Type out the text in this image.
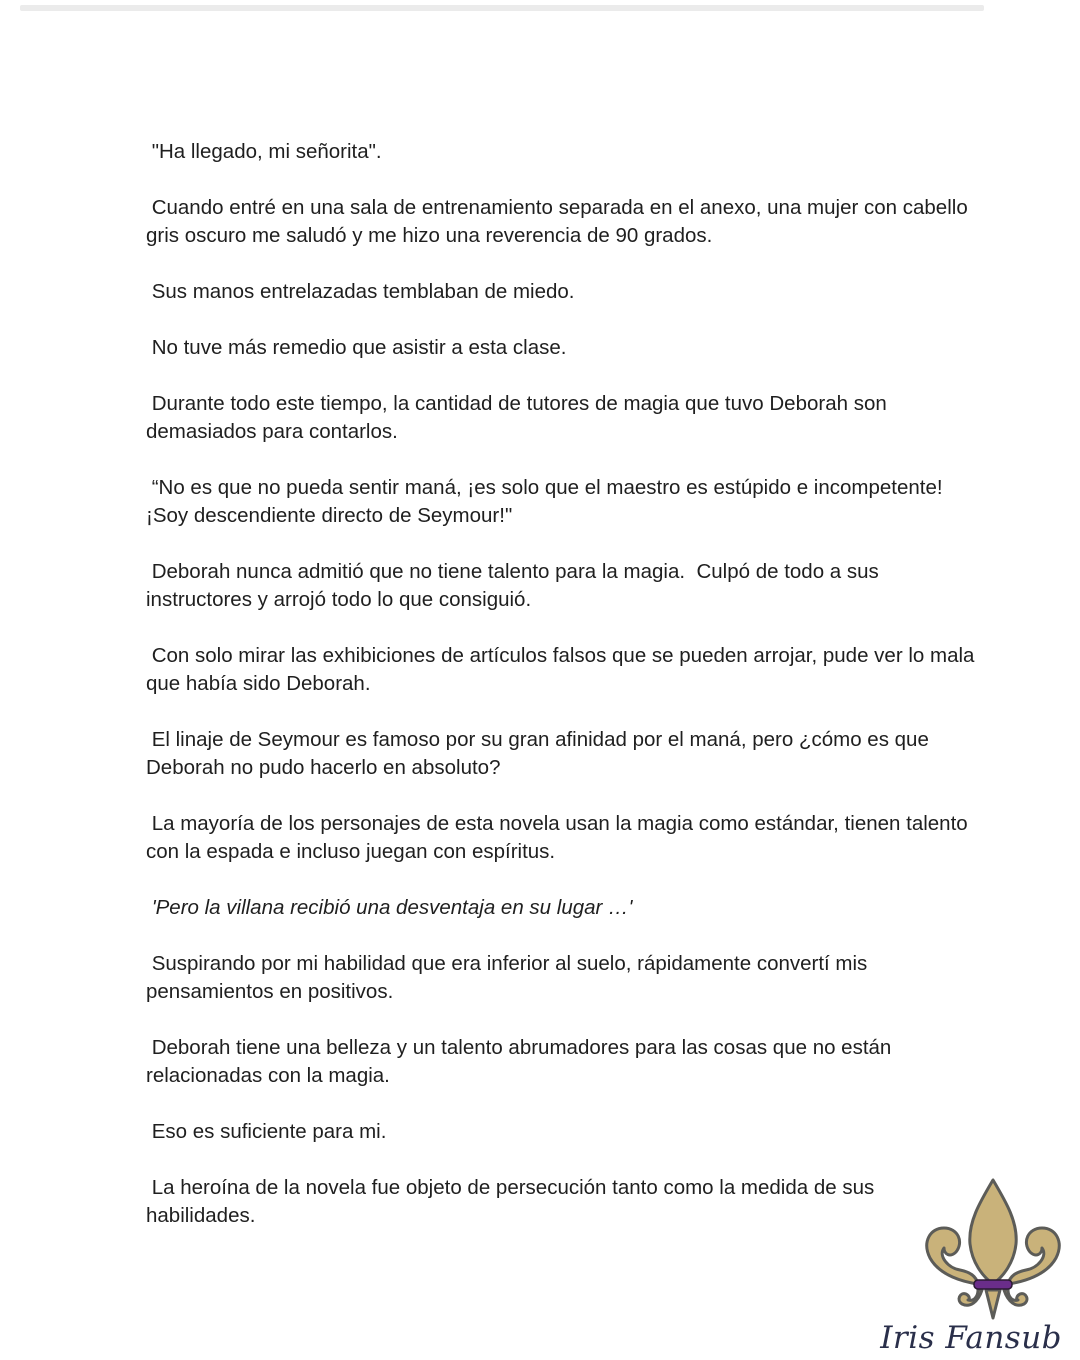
"Ha llegado, mi señorita".

Cuando entré en una sala de entrenamiento separada en el anexo, una mujer con cabello gris oscuro me saludó y me hizo una reverencia de 90 grados.

Sus manos entrelazadas temblaban de miedo.

No tuve más remedio que asistir a esta clase.

Durante todo este tiempo, la cantidad de tutores de magia que tuvo Deborah son demasiados para contarlos.

“No es que no pueda sentir maná, ¡es solo que el maestro es estúpido e incompetente! ¡Soy descendiente directo de Seymour!"

Deborah nunca admitió que no tiene talento para la magia.  Culpó de todo a sus instructores y arrojó todo lo que consiguió.

Con solo mirar las exhibiciones de artículos falsos que se pueden arrojar, pude ver lo mala que había sido Deborah.

El linaje de Seymour es famoso por su gran afinidad por el maná, pero ¿cómo es que Deborah no pudo hacerlo en absoluto?

La mayoría de los personajes de esta novela usan la magia como estándar, tienen talento con la espada e incluso juegan con espíritus.

'Pero la villana recibió una desventaja en su lugar …'

Suspirando por mi habilidad que era inferior al suelo, rápidamente convertí mis pensamientos en positivos.

Deborah tiene una belleza y un talento abrumadores para las cosas que no están relacionadas con la magia.

Eso es suficiente para mi.

La heroína de la novela fue objeto de persecución tanto como la medida de sus habilidades.

Iris Fansub
